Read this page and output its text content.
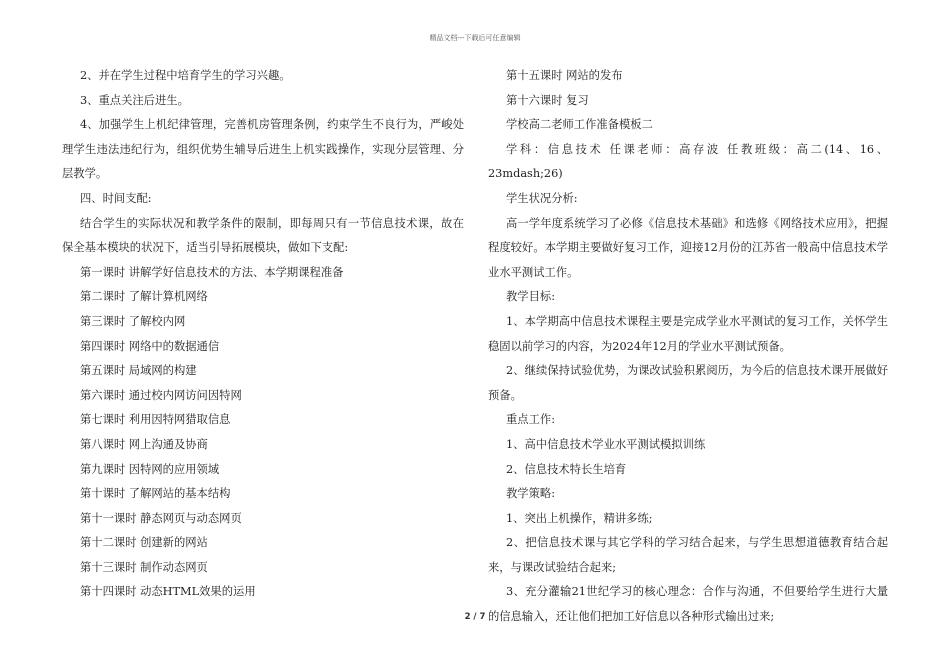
精品文档---下载后可任意编辑

2、并在学生过程中培育学生的学习兴趣。

3、重点关注后进生。

4、加强学生上机纪律管理，完善机房管理条例，约束学生不良行为，严峻处理学生违法违纪行为，组织优势生辅导后进生上机实践操作，实现分层管理、分层教学。

四、时间支配:

结合学生的实际状况和教学条件的限制，即每周只有一节信息技术课，故在保全基本模块的状况下，适当引导拓展模块，做如下支配:

第一课时 讲解学好信息技术的方法、本学期课程准备

第二课时 了解计算机网络

第三课时 了解校内网

第四课时 网络中的数据通信

第五课时 局域网的构建

第六课时 通过校内网访问因特网

第七课时 利用因特网猎取信息

第八课时 网上沟通及协商

第九课时 因特网的应用领域

第十课时 了解网站的基本结构

第十一课时 静态网页与动态网页

第十二课时 创建新的网站

第十三课时 制作动态网页

第十四课时 动态HTML效果的运用

第十五课时 网站的发布

第十六课时 复习

学校高二老师工作准备模板二

学科：信息技术 任课老师：高存波 任教班级：高二(14、16、23mdash;26)

学生状况分析:

高一学年度系统学习了必修《信息技术基础》和选修《网络技术应用》，把握程度较好。本学期主要做好复习工作，迎接12月份的江苏省一般高中信息技术学业水平测试工作。

教学目标:

1、本学期高中信息技术课程主要是完成学业水平测试的复习工作，关怀学生稳固以前学习的内容，为2024年12月的学业水平测试预备。

2、继续保持试验优势，为课改试验积累阅历，为今后的信息技术课开展做好预备。

重点工作:

1、高中信息技术学业水平测试模拟训练

2、信息技术特长生培育

教学策略:

1、突出上机操作，精讲多练;

2、把信息技术课与其它学科的学习结合起来，与学生思想道德教育结合起来，与课改试验结合起来;

3、充分灌输21世纪学习的核心理念：合作与沟通，不但要给学生进行大量的信息输入，还让他们把加工好信息以各种形式输出过来;

2 / 7
